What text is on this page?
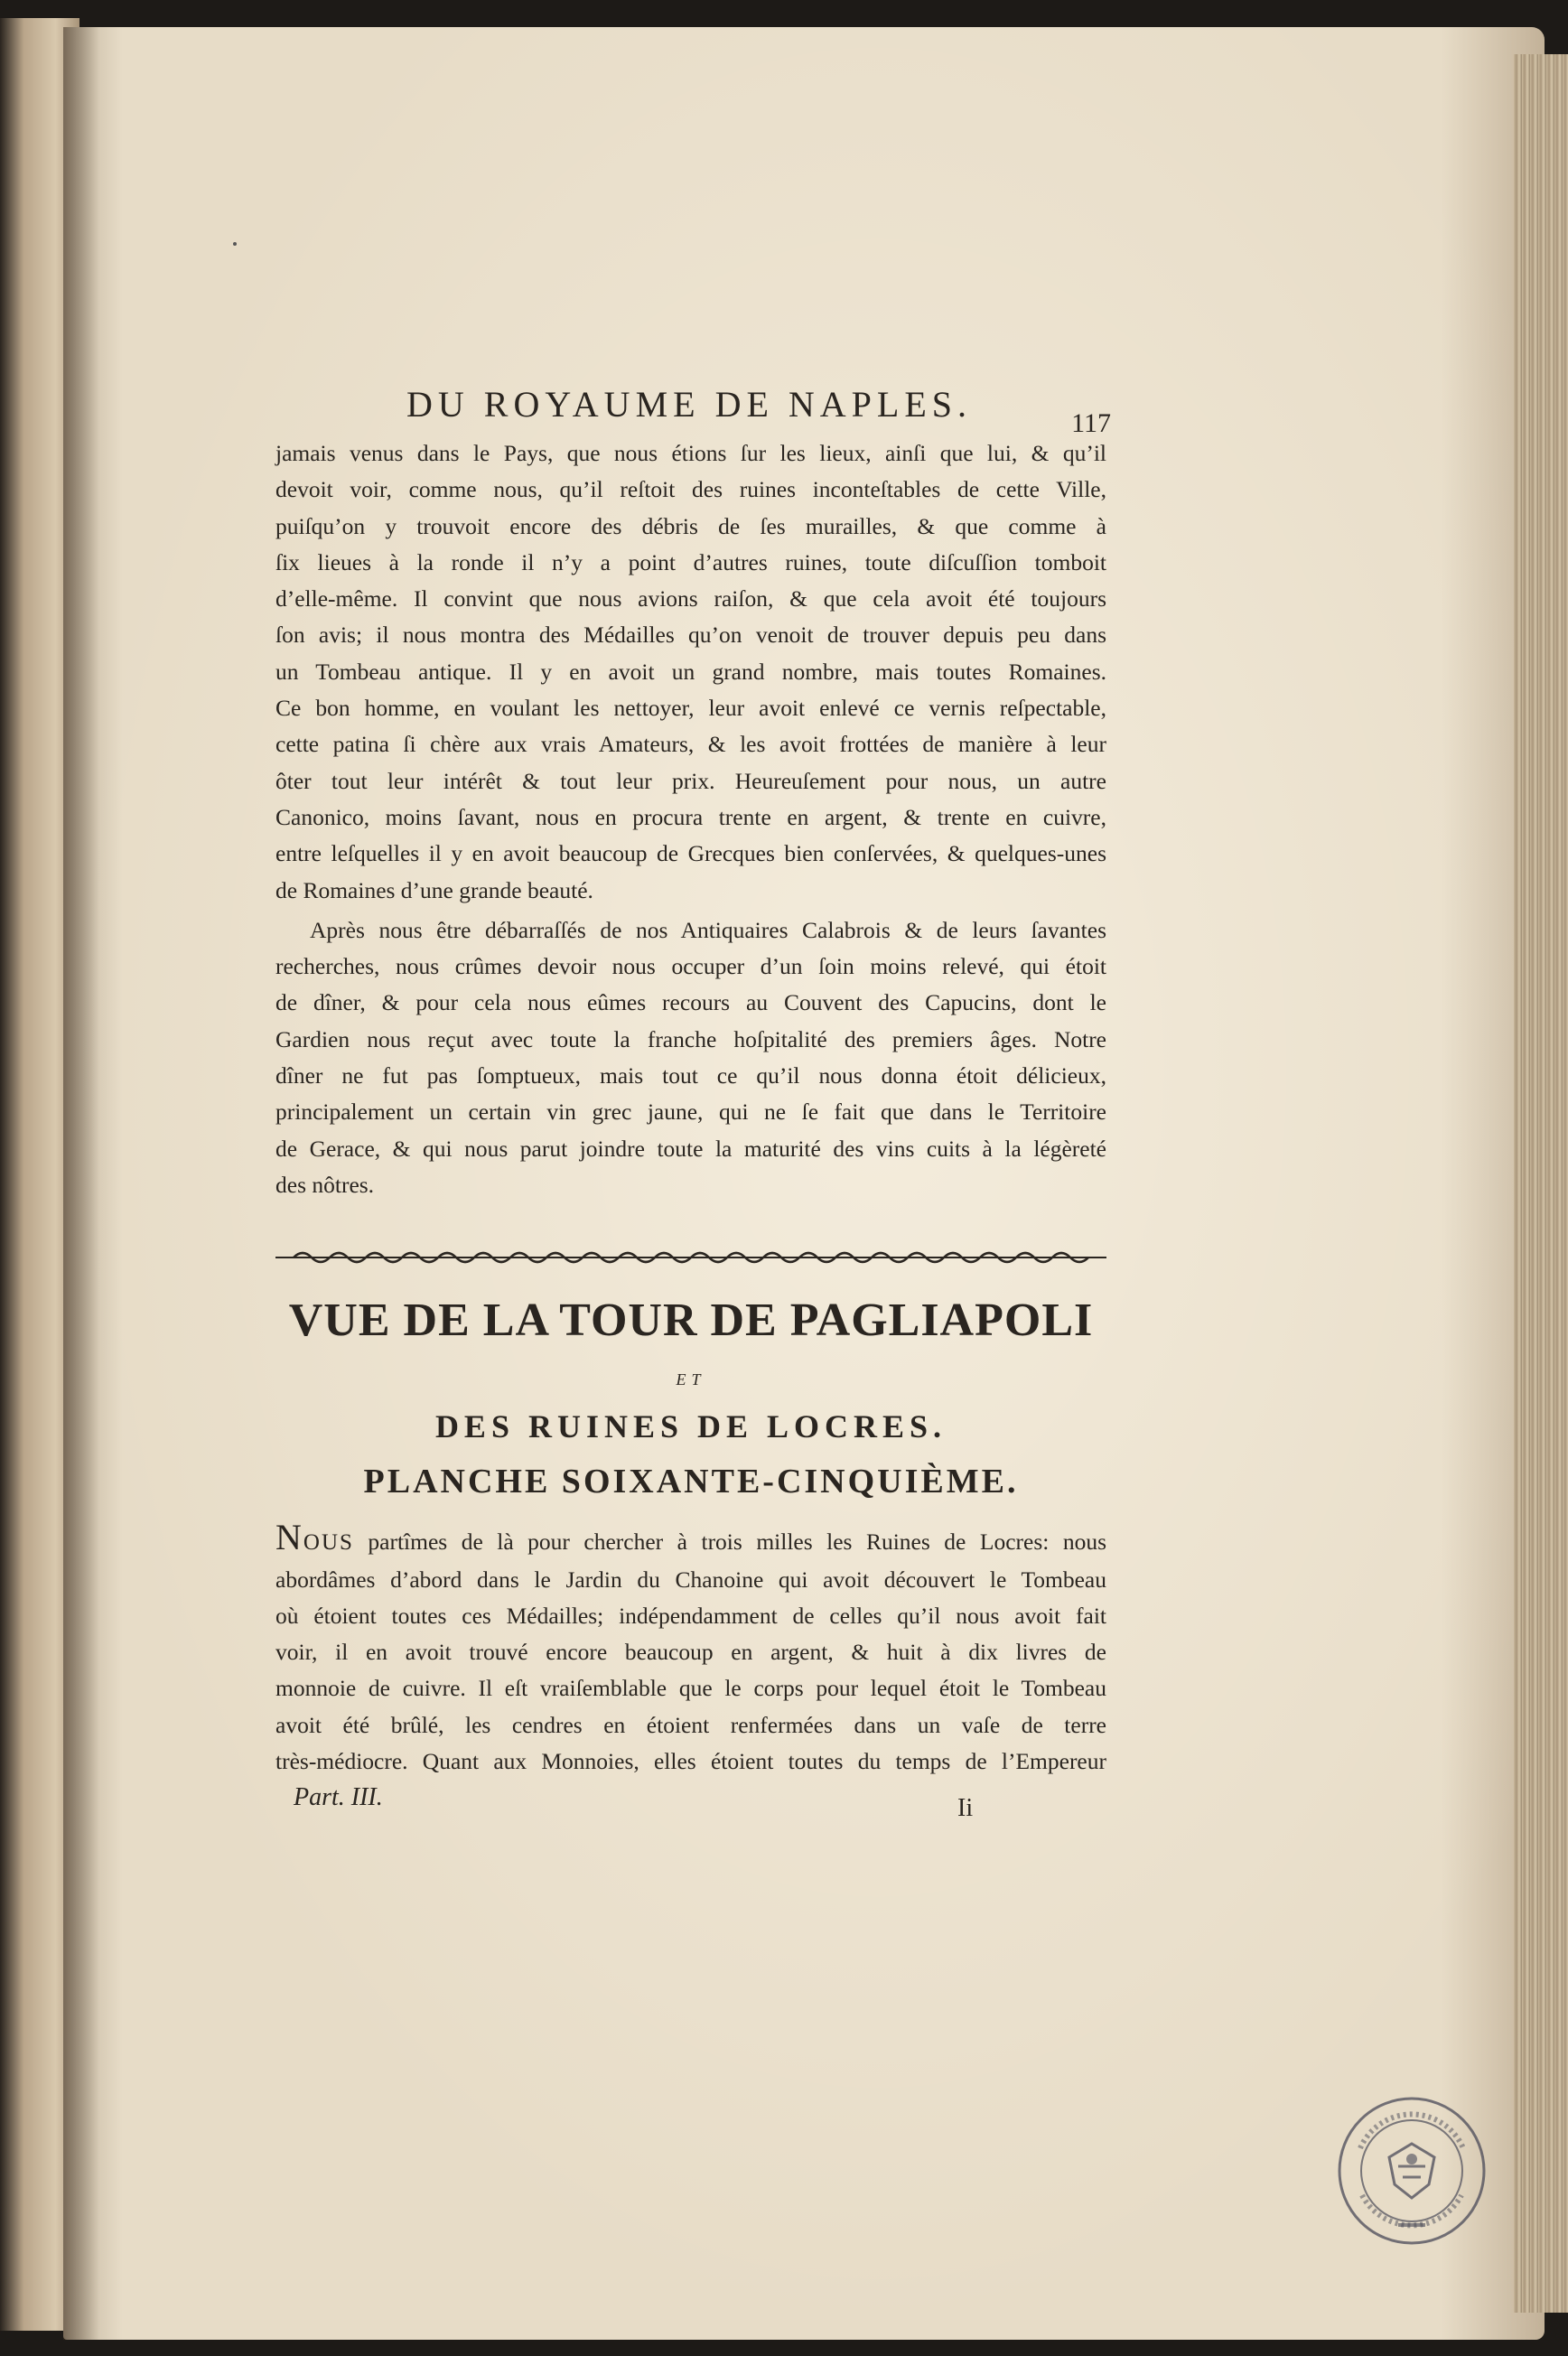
DU ROYAUME DE NAPLES.	117
jamais venus dans le Pays, que nous étions ſur les lieux, ainſi que lui, & qu’il
devoit voir, comme nous, qu’il reſtoit des ruines inconteſtables de cette Ville,
puiſqu’on y trouvoit encore des débris de ſes murailles, & que comme à
ſix lieues à la ronde il n’y a point d’autres ruines, toute diſcuſſion tomboit
d’elle-même. Il convint que nous avions raiſon, & que cela avoit été toujours
ſon avis; il nous montra des Médailles qu’on venoit de trouver depuis peu dans
un Tombeau antique. Il y en avoit un grand nombre, mais toutes Romaines.
Ce bon homme, en voulant les nettoyer, leur avoit enlevé ce vernis reſpectable,
cette patina ſi chère aux vrais Amateurs, & les avoit frottées de manière à leur
ôter tout leur intérêt & tout leur prix. Heureuſement pour nous, un autre
Canonico, moins ſavant, nous en procura trente en argent, & trente en cuivre,
entre leſquelles il y en avoit beaucoup de Grecques bien conſervées, & quelques-unes
de Romaines d’une grande beauté.
Après nous être débarraſſés de nos Antiquaires Calabrois & de leurs ſavantes
recherches, nous crûmes devoir nous occuper d’un ſoin moins relevé, qui étoit
de dîner, & pour cela nous eûmes recours au Couvent des Capucins, dont le
Gardien nous reçut avec toute la franche hoſpitalité des premiers âges. Notre
dîner ne fut pas ſomptueux, mais tout ce qu’il nous donna étoit délicieux,
principalement un certain vin grec jaune, qui ne ſe fait que dans le Territoire
de Gerace, & qui nous parut joindre toute la maturité des vins cuits à la légèreté
des nôtres.
VUE DE LA TOUR DE PAGLIAPOLI
ET
DES RUINES DE LOCRES.
PLANCHE SOIXANTE-CINQUIÈME.
NOUS partîmes de là pour chercher à trois milles les Ruines de Locres: nous
abordâmes d’abord dans le Jardin du Chanoine qui avoit découvert le Tombeau
où étoient toutes ces Médailles; indépendamment de celles qu’il nous avoit fait
voir, il en avoit trouvé encore beaucoup en argent, & huit à dix livres de
monnoie de cuivre. Il eſt vraiſemblable que le corps pour lequel étoit le Tombeau
avoit été brûlé, les cendres en étoient renfermées dans un vaſe de terre
très-médiocre. Quant aux Monnoies, elles étoient toutes du temps de l’Empereur
Part. III.	Ii
